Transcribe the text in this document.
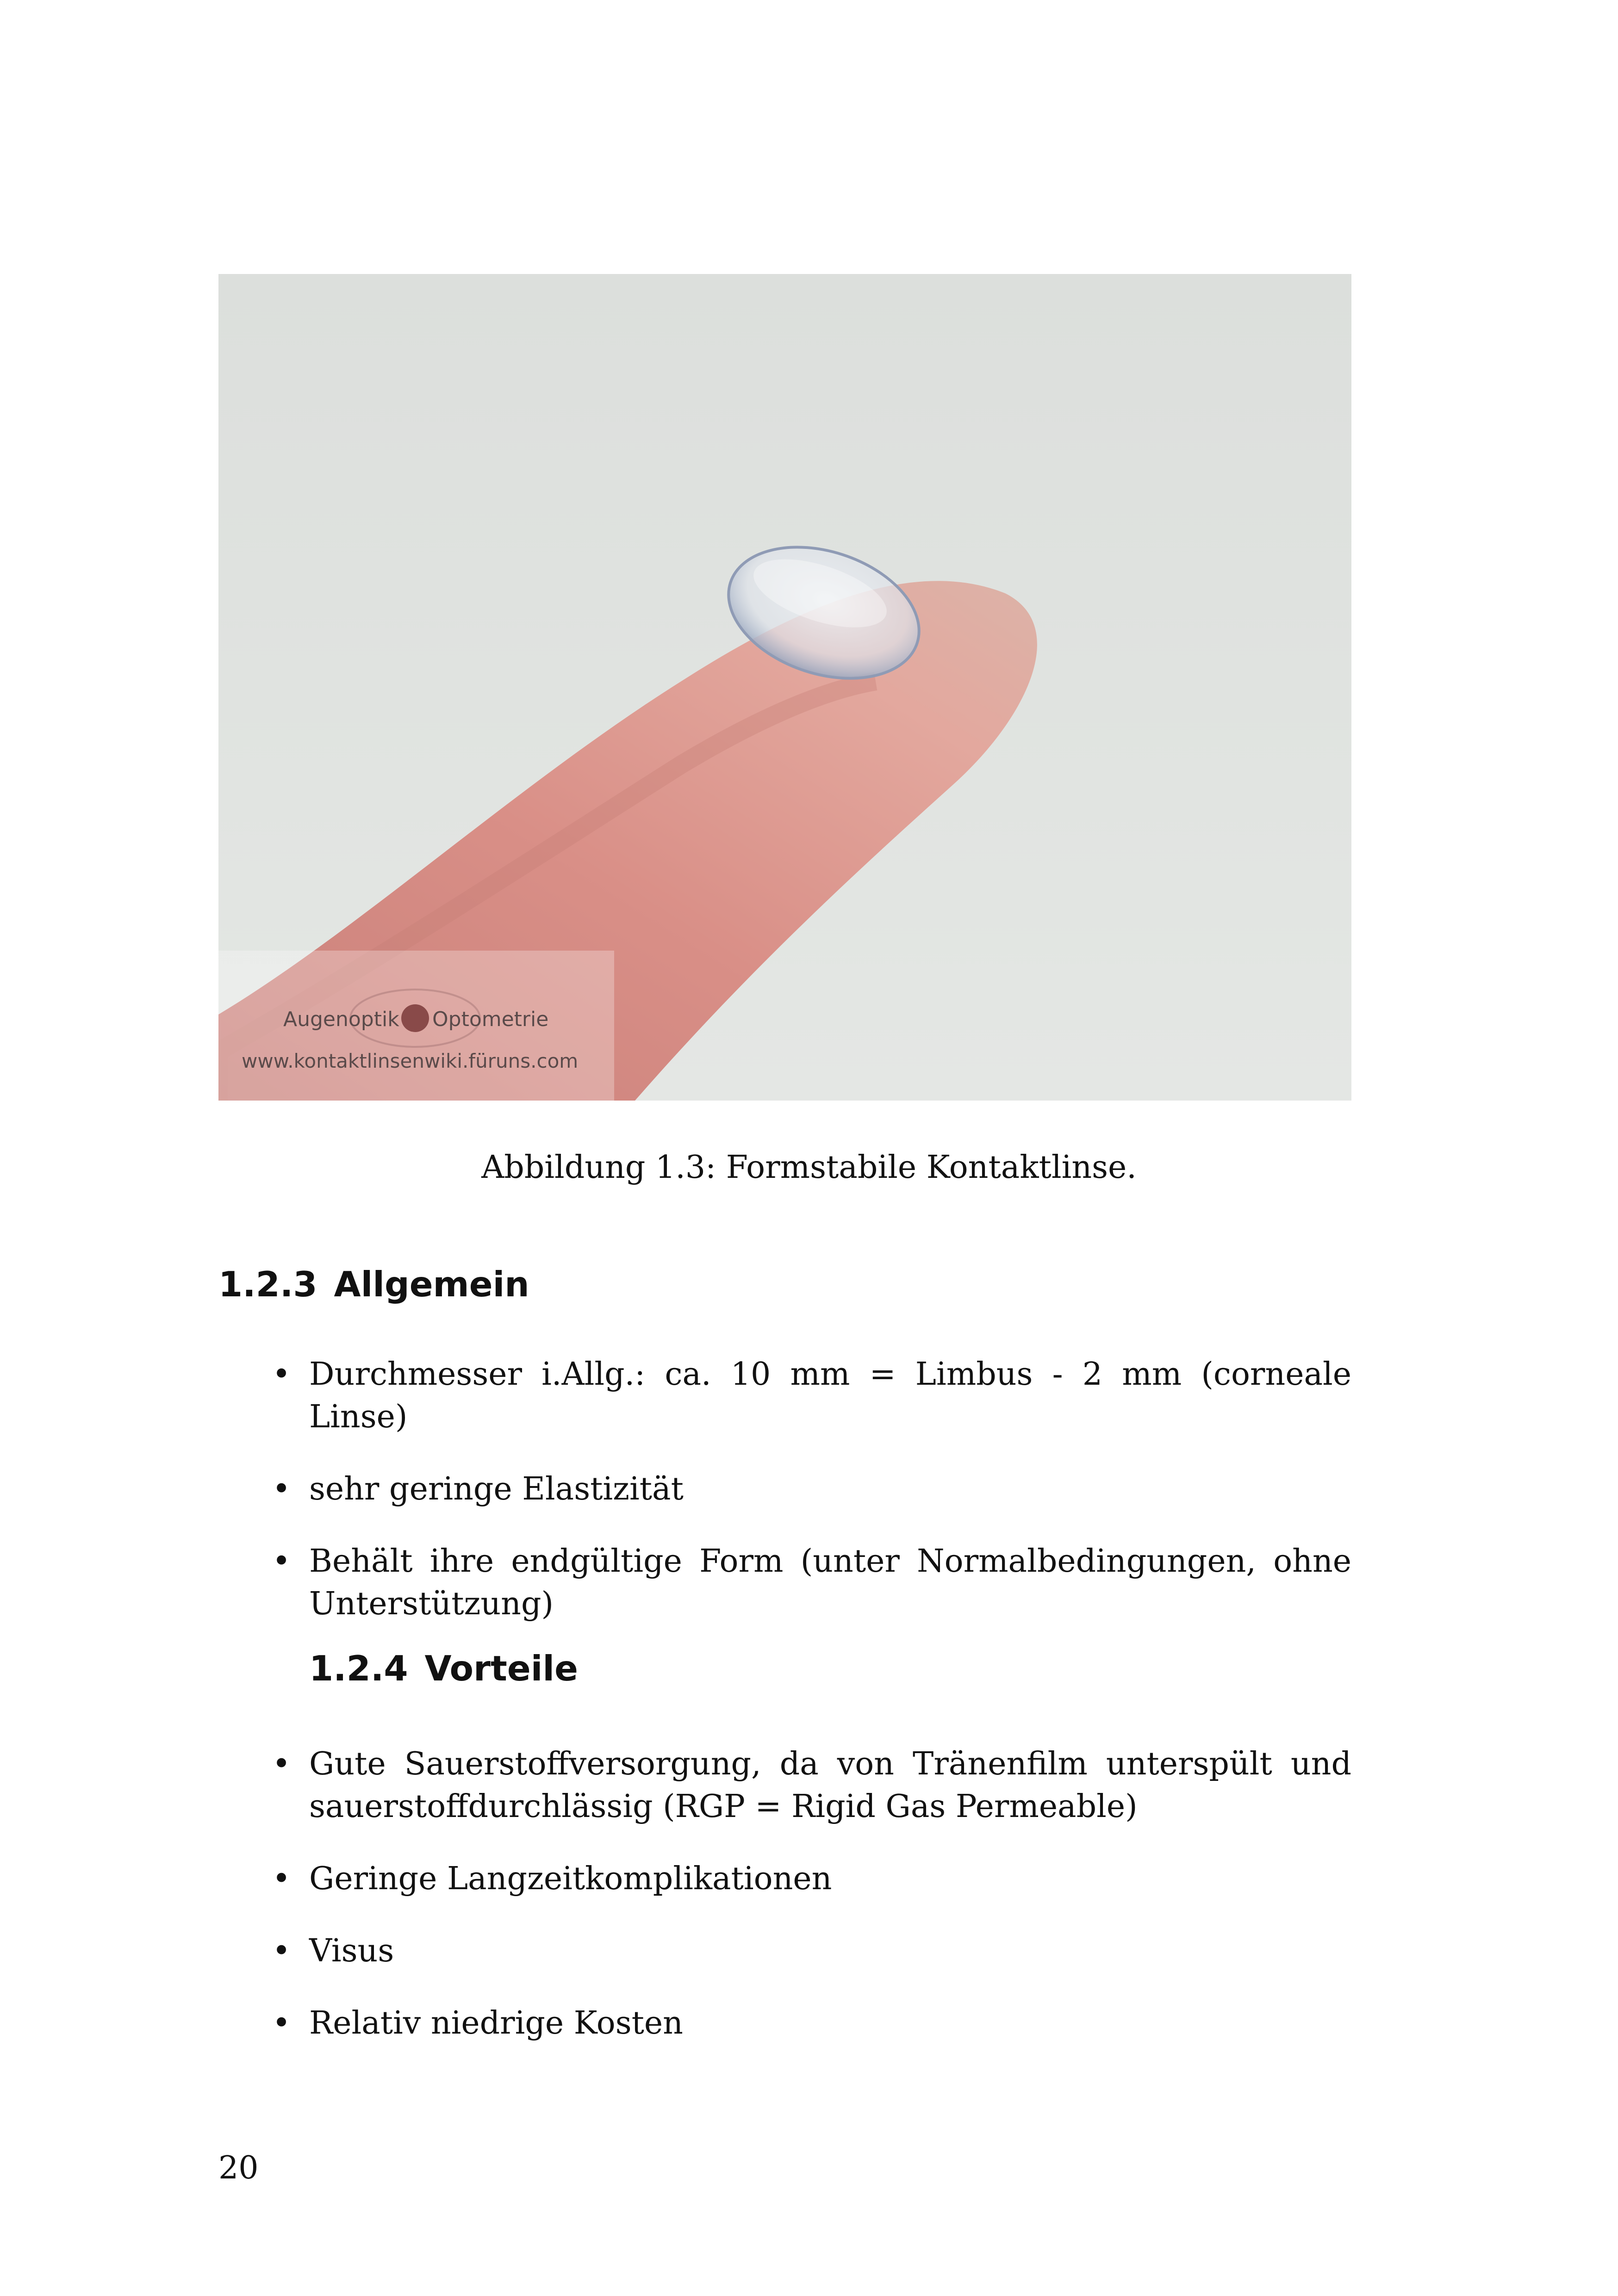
Augenoptik Optometrie
www.kontaktlinsenwiki.füruns.com

Abbildung 1.3: Formstabile Kontaktlinse.

1.2.3 Allgemein
• Durchmesser i.Allg.: ca. 10 mm = Limbus - 2 mm (corneale Linse)
• sehr geringe Elastizität
• Behält ihre endgültige Form (unter Normalbedingungen, ohne Unterstützung)
1.2.4 Vorteile
• Gute Sauerstoffversorgung, da von Tränenfilm unterspült und sauerstoffdurchlässig (RGP = Rigid Gas Permeable)
• Geringe Langzeitkomplikationen
• Visus
• Relativ niedrige Kosten

20
